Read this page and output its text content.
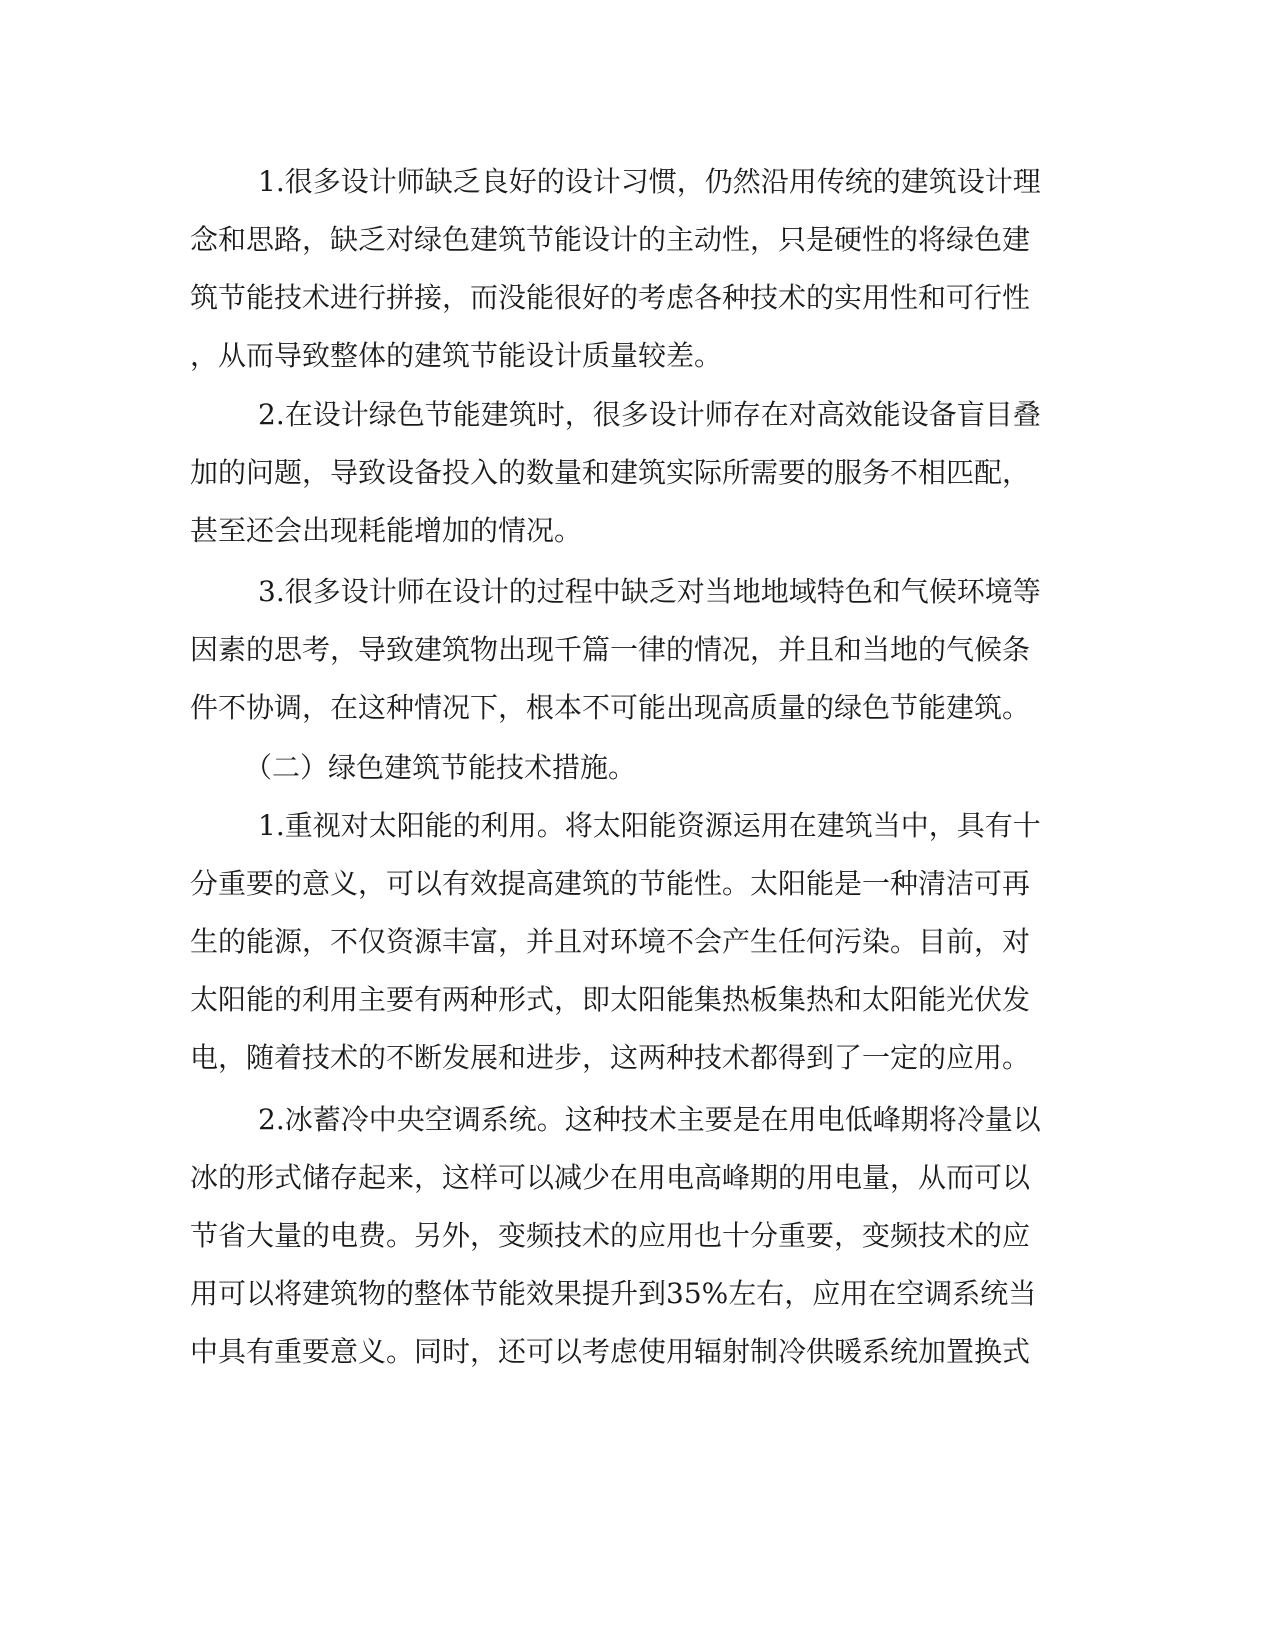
1.很多设计师缺乏良好的设计习惯，仍然沿用传统的建筑设计理

念和思路，缺乏对绿色建筑节能设计的主动性，只是硬性的将绿色建

筑节能技术进行拼接，而没能很好的考虑各种技术的实用性和可行性

，从而导致整体的建筑节能设计质量较差。

2.在设计绿色节能建筑时，很多设计师存在对高效能设备盲目叠

加的问题，导致设备投入的数量和建筑实际所需要的服务不相匹配，

甚至还会出现耗能增加的情况。

3.很多设计师在设计的过程中缺乏对当地地域特色和气候环境等

因素的思考，导致建筑物出现千篇一律的情况，并且和当地的气候条

件不协调，在这种情况下，根本不可能出现高质量的绿色节能建筑。

（二）绿色建筑节能技术措施。

1.重视对太阳能的利用。将太阳能资源运用在建筑当中，具有十

分重要的意义，可以有效提高建筑的节能性。太阳能是一种清洁可再

生的能源，不仅资源丰富，并且对环境不会产生任何污染。目前，对

太阳能的利用主要有两种形式，即太阳能集热板集热和太阳能光伏发

电，随着技术的不断发展和进步，这两种技术都得到了一定的应用。

2.冰蓄冷中央空调系统。这种技术主要是在用电低峰期将冷量以

冰的形式储存起来，这样可以减少在用电高峰期的用电量，从而可以

节省大量的电费。另外，变频技术的应用也十分重要，变频技术的应

用可以将建筑物的整体节能效果提升到35%左右，应用在空调系统当

中具有重要意义。同时，还可以考虑使用辐射制冷供暖系统加置换式
